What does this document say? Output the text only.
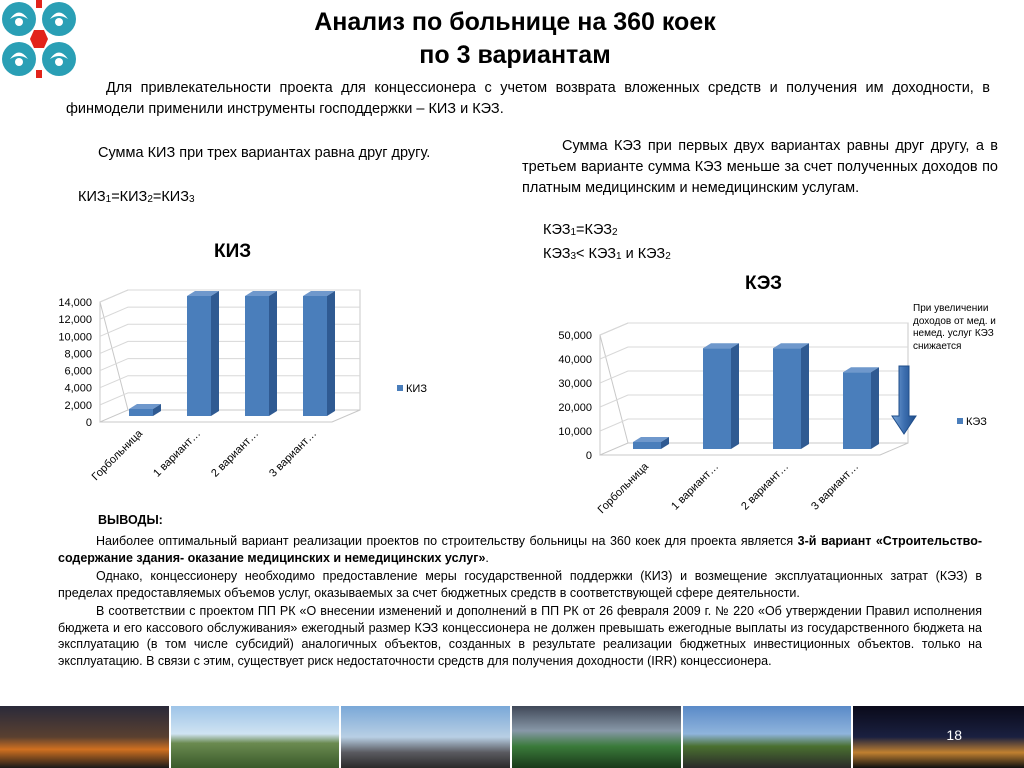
Анализ по больнице на 360 коек
по 3 вариантам
Для привлекательности проекта для концессионера с учетом возврата вложенных средств и получения им доходности, в финмодели применили инструменты господдержки – КИЗ и КЭЗ.
Сумма КИЗ при трех вариантах равна друг другу.
$КИЗ_1=КИЗ_2=КИЗ_3$
Сумма КЭЗ при первых двух вариантах равны друг другу, а в третьем варианте сумма КЭЗ меньше за счет полученных доходов по платным медицинским и немедицинским услугам.
$КЭЗ_1=КЭЗ_2$
$КЭЗ_3< КЭЗ_1$ и $КЭЗ_2$
КИЗ
КЭЗ
При увеличении доходов от мед. и немед. услуг КЭЗ снижается
14,000
12,000
10,000
8,000
6,000
4,000
2,000
0
Горбольница 1 вариант… 2 вариант… 3 вариант…
КИЗ
50,000
40,000
30,000
20,000
10,000
0
Горбольница 1 вариант… 2 вариант… 3 вариант…
КЭЗ
ВЫВОДЫ:

Наиболее оптимальный вариант реализации проектов по строительству больницы на 360 коек для проекта является 3-й вариант «Строительство-содержание здания- оказание медицинских и немедицинских услуг».

Однако, концессионеру необходимо предоставление меры государственной поддержки (КИЗ) и возмещение эксплуатационных затрат (КЭЗ) в пределах предоставляемых объемов услуг, оказываемых за счет бюджетных средств в соответствующей сфере деятельности.

В соответствии с проектом ПП РК «О внесении изменений и дополнений в ПП РК от 26 февраля 2009 г. № 220 «Об утверждении Правил исполнения бюджета и его кассового обслуживания» ежегодный размер КЭЗ концессионера не должен превышать ежегодные выплаты из государственного бюджета на эксплуатацию (в том числе субсидий) аналогичных объектов, созданных в результате реализации бюджетных инвестиционных объектов. только на эксплуатацию. В связи с этим, существует риск недостаточности средств для получения доходности (IRR) концессионера.

18
